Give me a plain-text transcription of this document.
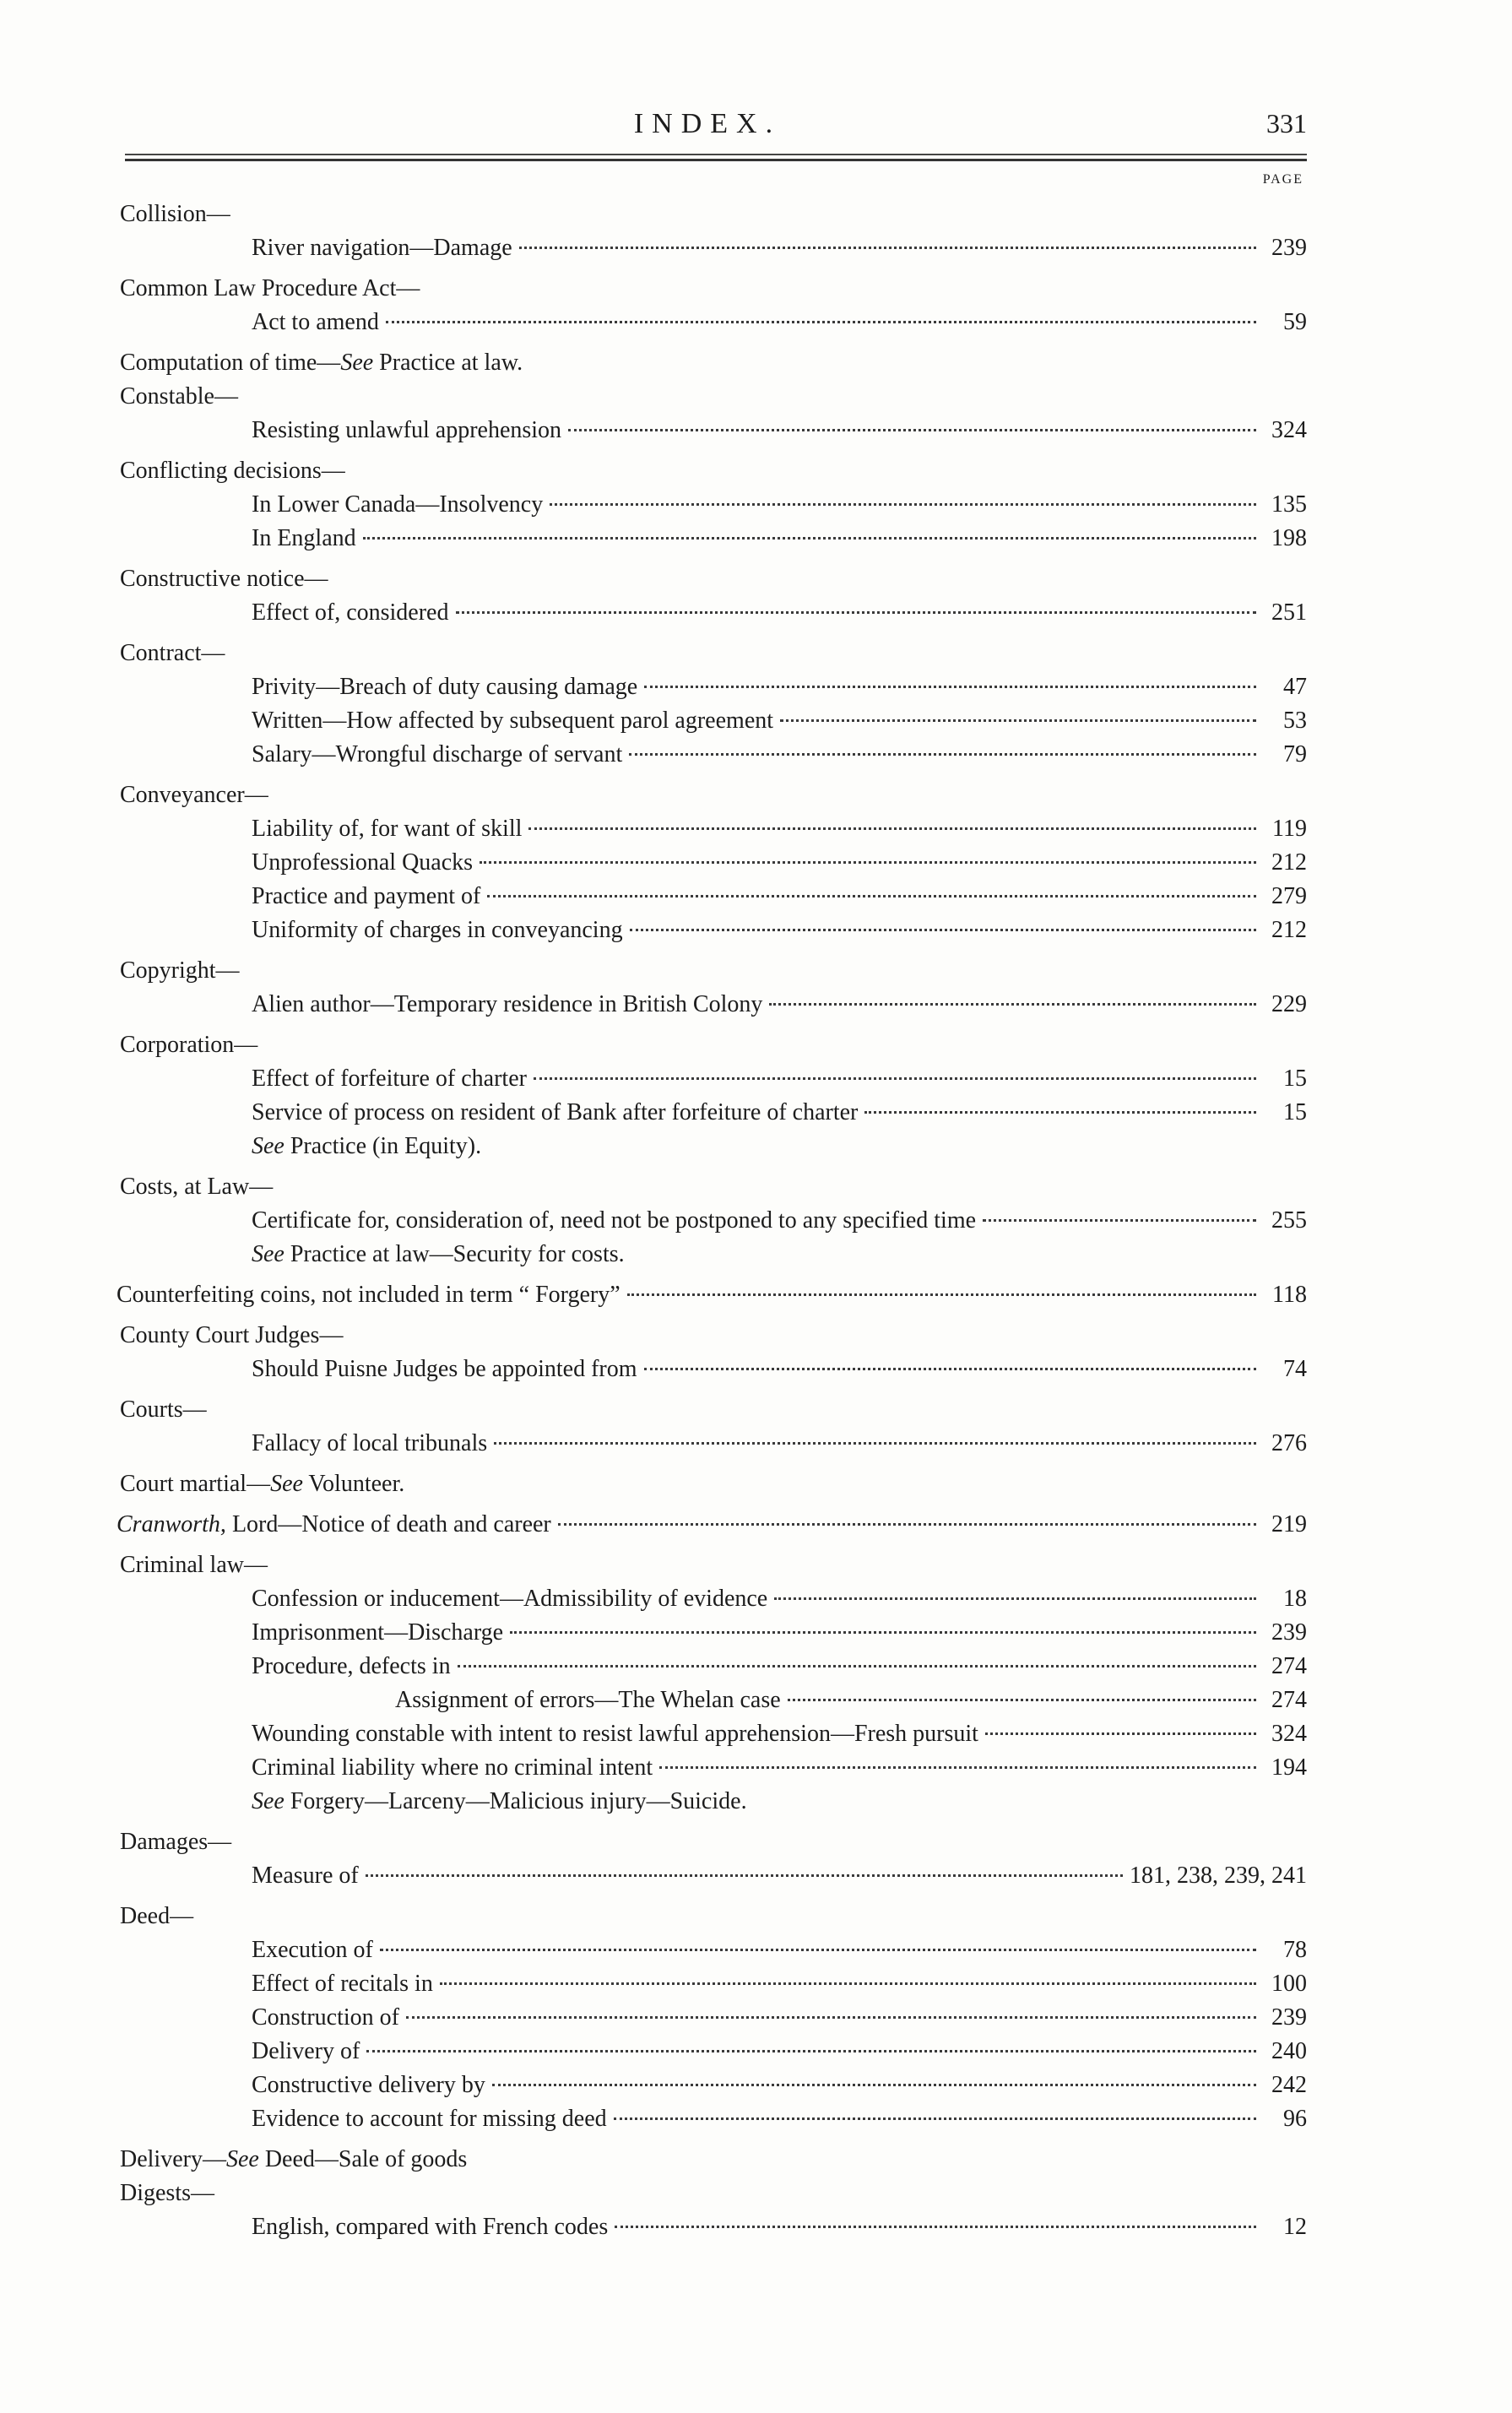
INDEX.	331
PAGE
Collision—
River navigation—Damage	239
Common Law Procedure Act—
Act to amend	59
Computation of time—See Practice at law.
Constable—
Resisting unlawful apprehension	324
Conflicting decisions—
In Lower Canada—Insolvency	135
In England	198
Constructive notice—
Effect of, considered	251
Contract—
Privity—Breach of duty causing damage	47
Written—How affected by subsequent parol agreement	53
Salary—Wrongful discharge of servant	79
Conveyancer—
Liability of, for want of skill	119
Unprofessional Quacks	212
Practice and payment of	279
Uniformity of charges in conveyancing	212
Copyright—
Alien author—Temporary residence in British Colony	229
Corporation—
Effect of forfeiture of charter	15
Service of process on resident of Bank after forfeiture of charter	15
See Practice (in Equity).
Costs, at Law—
Certificate for, consideration of, need not be postponed to any specified time	255
See Practice at law—Security for costs.
Counterfeiting coins, not included in term “ Forgery”	118
County Court Judges—
Should Puisne Judges be appointed from	74
Courts—
Fallacy of local tribunals	276
Court martial—See Volunteer.
Cranworth, Lord—Notice of death and career	219
Criminal law—
Confession or inducement—Admissibility of evidence	18
Imprisonment—Discharge	239
Procedure, defects in	274
Assignment of errors—The Whelan case	274
Wounding constable with intent to resist lawful apprehension—Fresh pursuit	324
Criminal liability where no criminal intent	194
See Forgery—Larceny—Malicious injury—Suicide.
Damages—
Measure of	181, 238, 239, 241
Deed—
Execution of	78
Effect of recitals in	100
Construction of	239
Delivery of	240
Constructive delivery by	242
Evidence to account for missing deed	96
Delivery—See Deed—Sale of goods
Digests—
English, compared with French codes	12
